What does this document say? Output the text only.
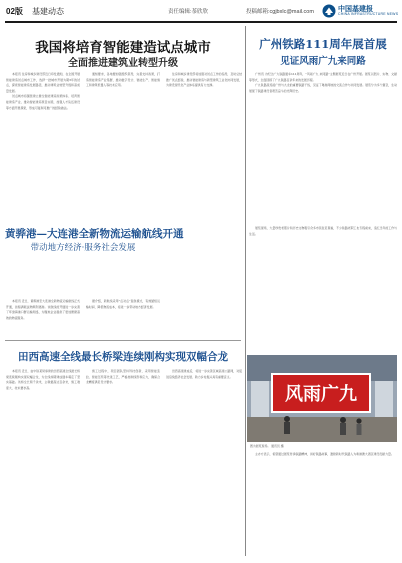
02版 基建动态	责任编辑:茶欣欣	投稿邮箱:cgjbxlc@mail.com	中国基建报
CHINA INFRASTRUCTURE NEWS
我国将培育智能建造试点城市
全面推进建筑业转型升级

本报讯 住房和城乡建设部近日印发通知，在全国开展智能建造试点城市工作，选择一批城市开展为期3年的试点，探索智能建造发展路径，推动建筑业转型升级和高质量发展。

试点城市将围绕建立健全智能建造政策体系、培育智能建造产业、推动智能建造项目实践、加强人才队伍建设等方面开展探索，形成可复制可推广的经验做法。

通知要求，各地要加强组织领导，完善支持政策，打造智能建造产业集群，推动数字设计、智能生产、智能施工和建筑机器人等技术应用。

住房和城乡建设部将加强对试点工作的指导，及时总结推广试点经验，推动智能建造与新型建筑工业化协同发展，为建设现代化产业体系提供有力支撑。

黄骅港—大连港全新物流运输航线开通
带动地方经济·服务社会发展

本报讯 近日，黄骅港至大连港全新物流运输航线正式开通，首船满载货物顺利离港。该航线的开通进一步完善了环渤海港口群运输网络，为腹地企业提供了更加便捷高效的物流服务。

据介绍，新航线采用“点对点”直航模式，有效缩短运输时间、降低物流成本，将进一步带动地方经济发展。

田西高速全线最长桥梁连续刚构实现双幅合龙

本报讯 近日，由中铁某局承建的田西高速全线最长桥梁连续刚构实现双幅合龙，为全线如期建成通车奠定了坚实基础。该桥全长两千余米，主墩最高达百余米，施工难度大、技术要求高。

施工过程中，项目团队坚持科技创新，采用智能张拉、智能压浆等先进工艺，严格控制线形和应力，确保合龙精度满足设计要求。

田西高速建成后，将进一步完善区域高速公路网，对促进沿线经济社会发展、助力乡村振兴具有重要意义。

广州铁路111周年展首展
见证风雨广九来同路

广州讯 为纪念广九铁路通车111周年，“风雨广九 来同路”主题展览近日在广州开展。展览以图片、实物、文献等形式，全面回顾了广九铁路百余年来的发展历程。

广九铁路是连接广州与九龙的重要铁路干线，见证了粤港两地的交流合作与共同发展。展览分为多个篇章，生动展现了铁路建设者艰苦奋斗的光辉历史。

展览现场，大量珍贵老照片和历史文物吸引众多市民驻足观看，不少铁路老职工也专程前来，追忆当年的工作与生活。

风雨广九
图为展览现场。 通讯员 摄

主办方表示，希望通过展览传承铁路精神，讲好铁路故事，激励新时代铁路人为粤港澳大湾区建设贡献力量。
